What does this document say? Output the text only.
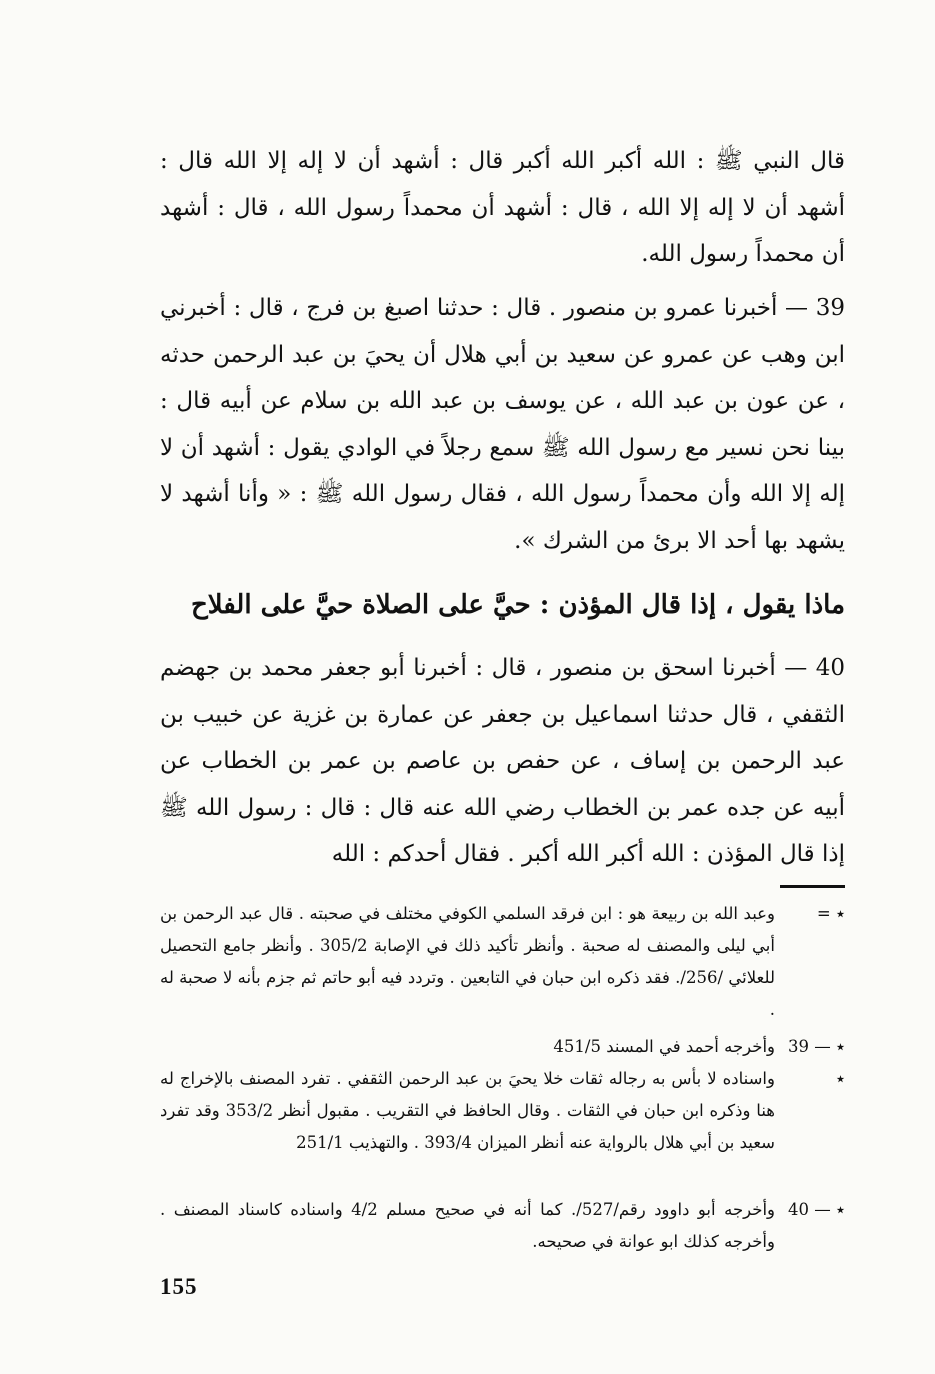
قال النبي ﷺ : الله أكبر الله أكبر قال : أشهد أن لا إله إلا الله قال : أشهد أن لا إله إلا الله ، قال : أشهد أن محمداً رسول الله ، قال : أشهد أن محمداً رسول الله.

39 — أخبرنا عمرو بن منصور . قال : حدثنا اصبغ بن فرج ، قال : أخبرني ابن وهب عن عمرو عن سعيد بن أبي هلال أن يحيَ بن عبد الرحمن حدثه ، عن عون بن عبد الله ، عن يوسف بن عبد الله بن سلام عن أبيه قال : بينا نحن نسير مع رسول الله ﷺ سمع رجلاً في الوادي يقول : أشهد أن لا إله إلا الله وأن محمداً رسول الله ، فقال رسول الله ﷺ : « وأنا أشهد لا يشهد بها أحد الا برئ من الشرك ».

ماذا يقول ، إذا قال المؤذن : حيَّ على الصلاة حيَّ على الفلاح

40 — أخبرنا اسحق بن منصور ، قال : أخبرنا أبو جعفر محمد بن جهضم الثقفي ، قال حدثنا اسماعيل بن جعفر عن عمارة بن غزية عن خبيب بن عبد الرحمن بن إساف ، عن حفص بن عاصم بن عمر بن الخطاب عن أبيه عن جده عمر بن الخطاب رضي الله عنه قال : قال : رسول الله ﷺ إذا قال المؤذن : الله أكبر الله أكبر . فقال أحدكم : الله

= ٭
وعبد الله بن ربيعة هو : ابن فرقد السلمي الكوفي مختلف في صحبته . قال عبد الرحمن بن أبي ليلى والمصنف له صحبة . وأنظر تأكيد ذلك في الإصابة 305/2 . وأنظر جامع التحصيل للعلائي /256/. فقد ذكره ابن حبان في التابعين . وتردد فيه أبو حاتم ثم جزم بأنه لا صحبة له .
39 — ٭
وأخرجه أحمد في المسند 451/5
٭
واسناده لا بأس به رجاله ثقات خلا يحيَ بن عبد الرحمن الثقفي . تفرد المصنف بالإخراج له هنا وذكره ابن حبان في الثقات . وقال الحافظ في التقريب . مقبول أنظر 353/2 وقد تفرد سعيد بن أبي هلال بالرواية عنه أنظر الميزان 393/4 . والتهذيب 251/1
40 — ٭
وأخرجه أبو داوود رقم/527/. كما أنه في صحيح مسلم 4/2 واسناده كاسناد المصنف . وأخرجه كذلك ابو عوانة في صحيحه.
155
